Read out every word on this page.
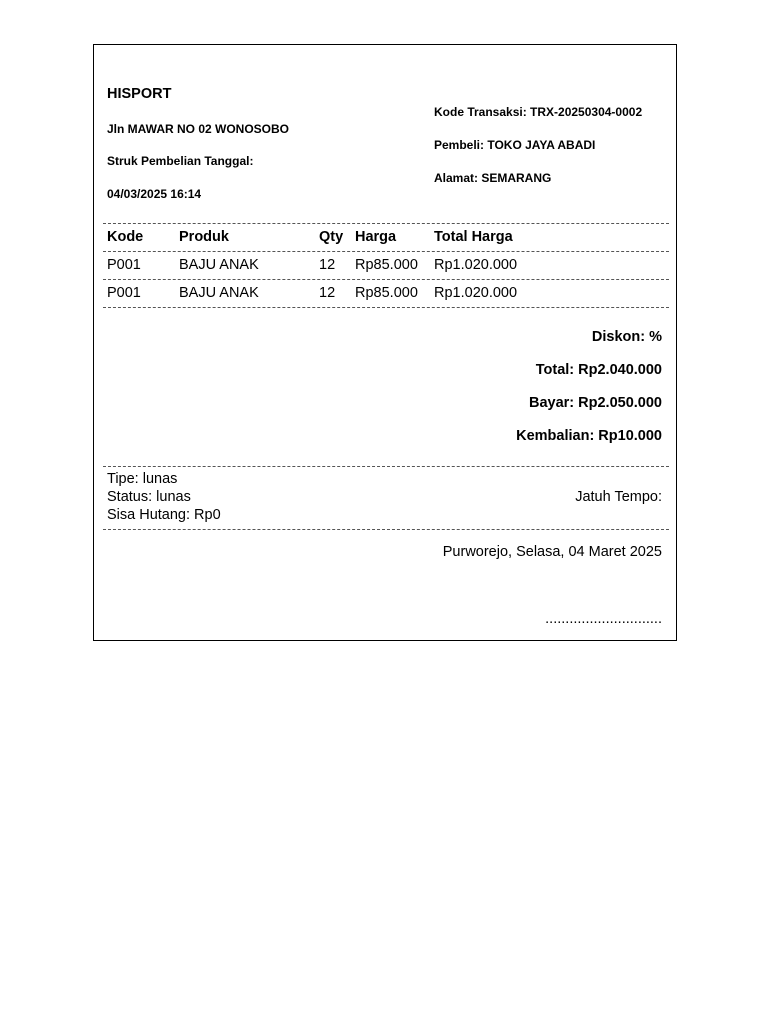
HISPORT
Jln MAWAR NO 02 WONOSOBO
Struk Pembelian Tanggal:
04/03/2025 16:14
Kode Transaksi: TRX-20250304-0002
Pembeli: TOKO JAYA ABADI
Alamat: SEMARANG
Kode Produk	Qty Harga	Total Harga
P001	BAJU ANAK	12 Rp85.000 Rp1.020.000
P001	BAJU ANAK	12 Rp85.000 Rp1.020.000
Diskon: %
Total: Rp2.040.000
Bayar: Rp2.050.000
Kembalian: Rp10.000
Tipe: lunas
Status: lunas
Sisa Hutang: Rp0
Jatuh Tempo:
Purworejo, Selasa, 04 Maret 2025
.............................
